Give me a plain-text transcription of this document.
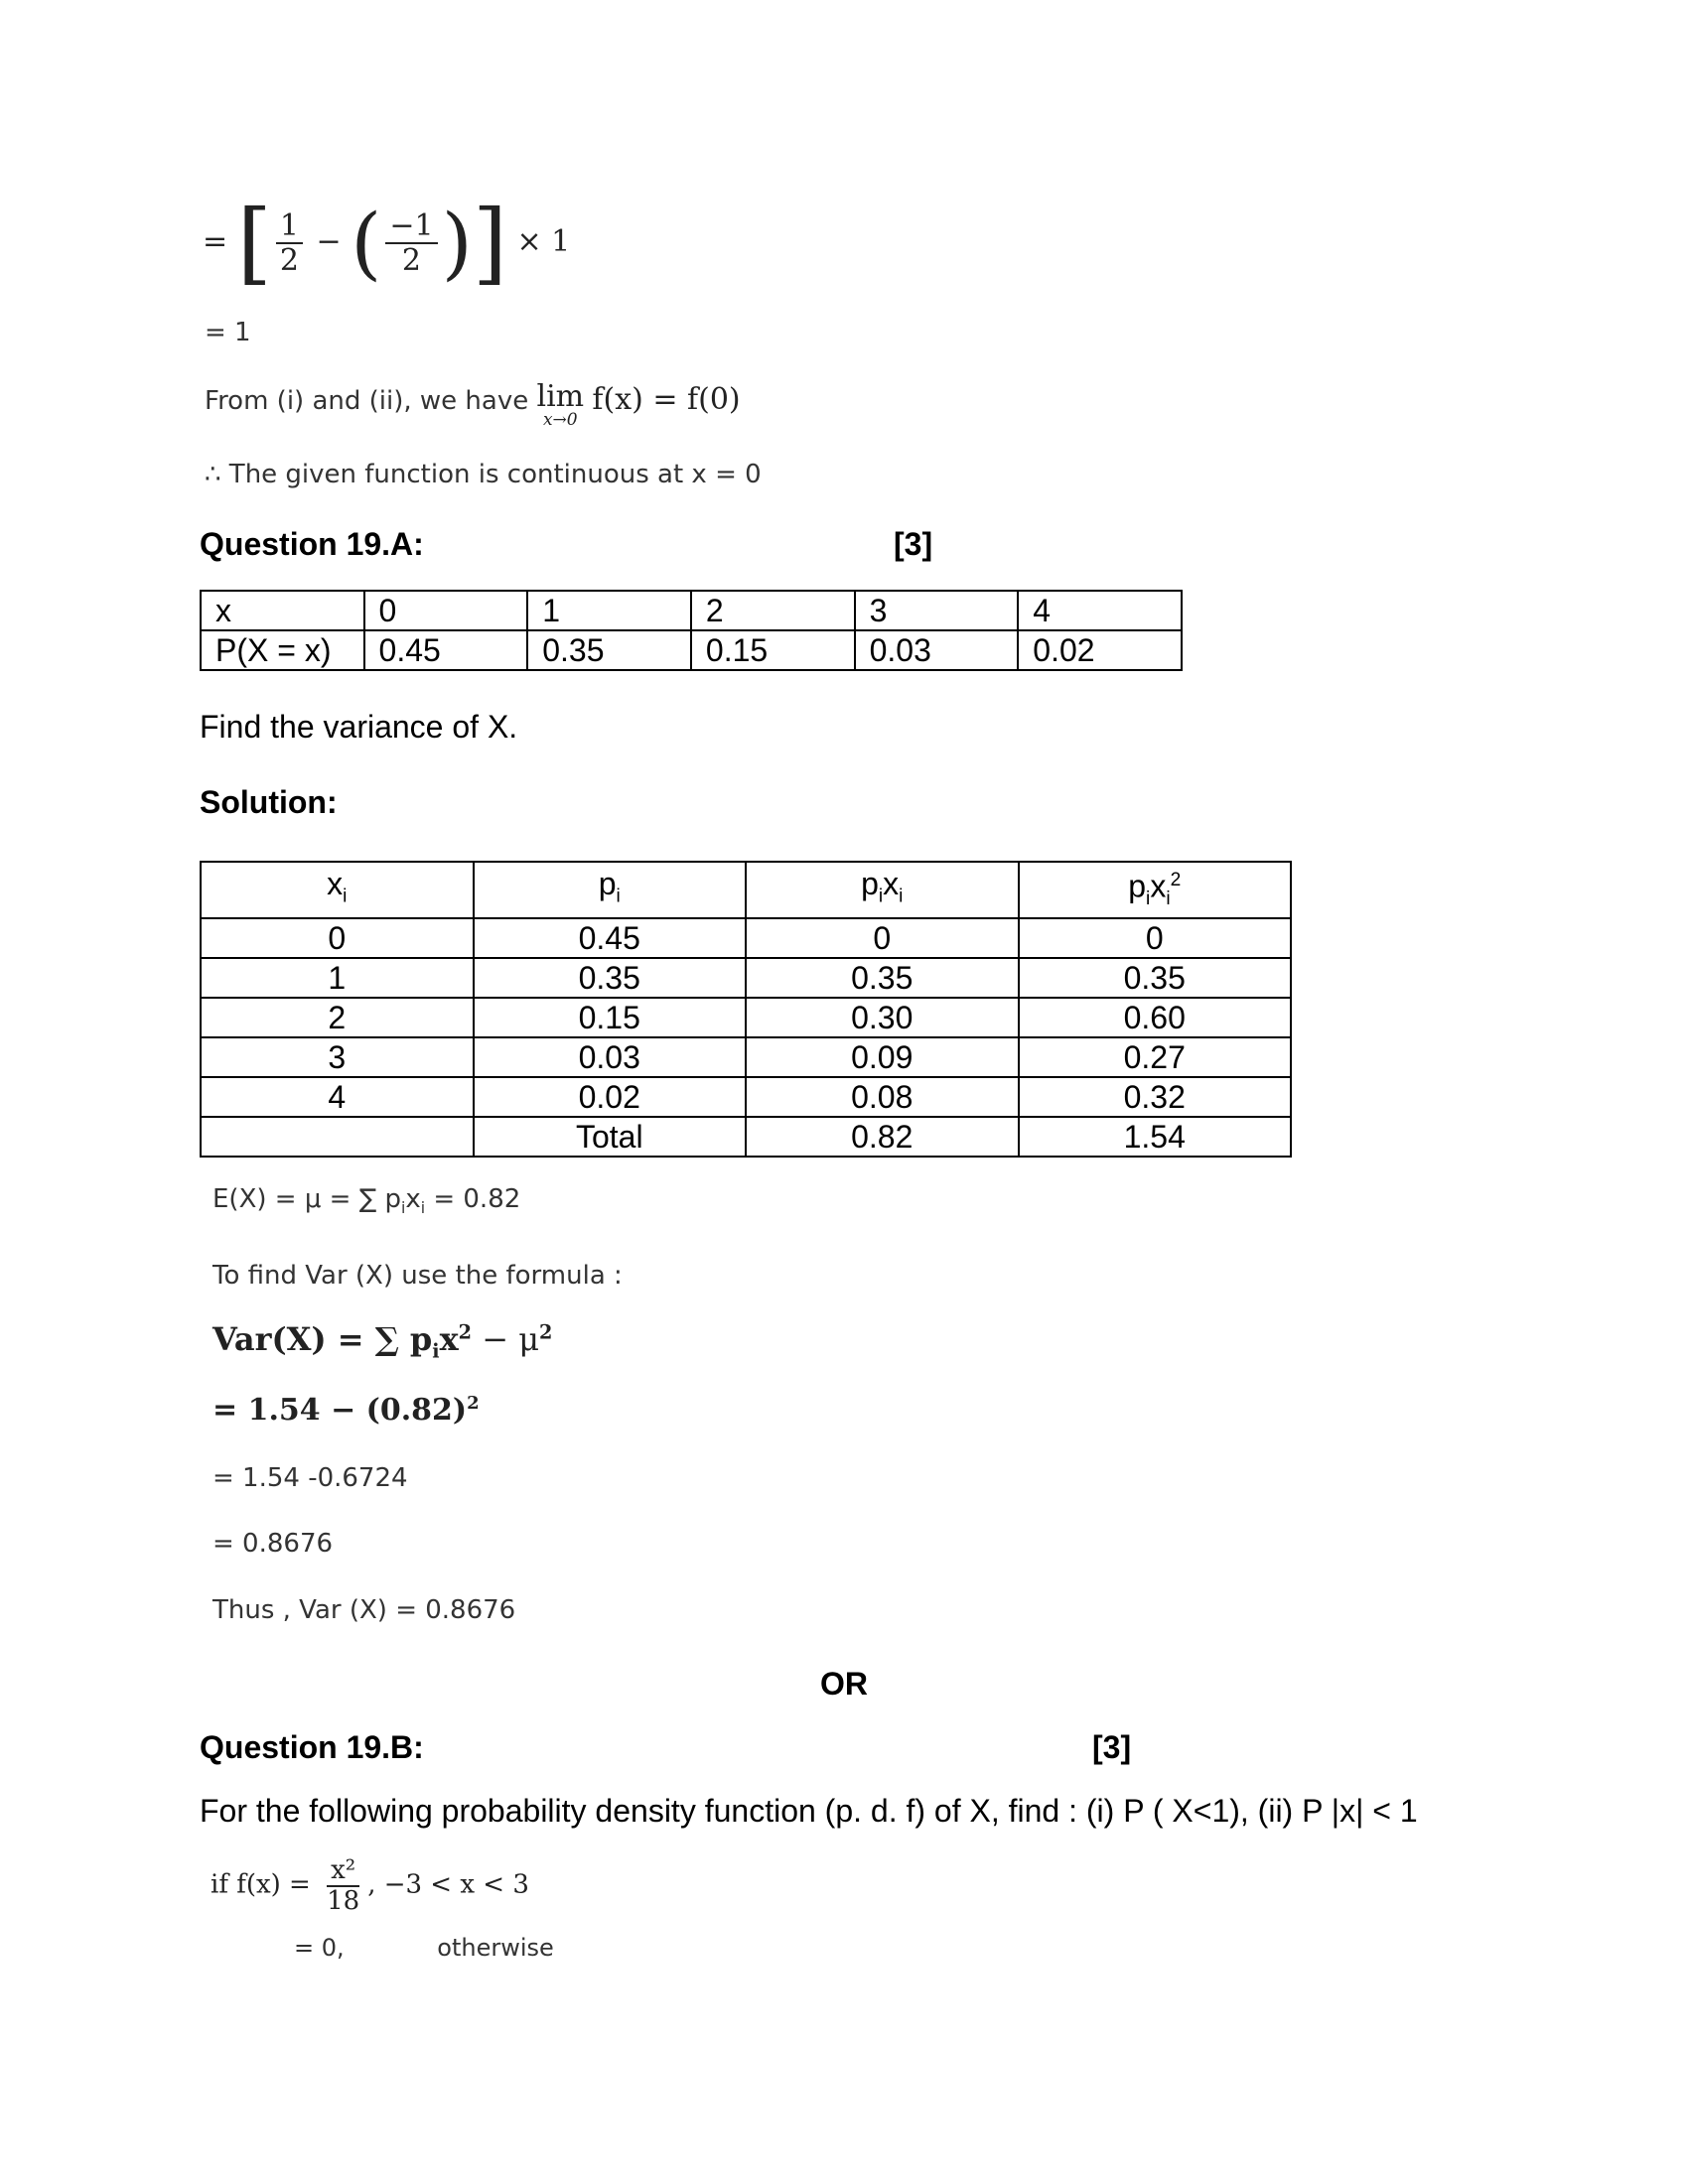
= [ $\frac{1}{2}$ − ( $\frac{-1}{2}$ )] × 1
= 1
From (i) and (ii), we have lim
x→0
f(x) = f(0)
∴ The given function is continuous at x = 0
Question 19.A:	[3]
x	0	1	2	3	4
P(X = x)	0.45	0.35	0.15	0.03	0.02
Find the variance of X.
Solution:
$x_i$	$p_i$	$p_ix_i$	$p_ix_i^2$
0	0.45	0	0
1	0.35	0.35	0.35
2	0.15	0.30	0.60
3	0.03	0.09	0.27
4	0.02	0.08	0.32
	Total	0.82	1.54
E(X) = μ = ∑ $p_ix_i = 0.82$
To find Var (X) use the formula :
Var(X) = ∑ $p_ix^2 - \mu^2$
= $1.54 - (0.82)^2$
= 1.54 -0.6724
= 0.8676
Thus , Var (X) = 0.8676
OR
Question 19.B:	[3]
For the following probability density function (p. d. f) of X, find : (i) P ( X<1), (ii) P |x| < 1
if $f(x) = \frac{\text{x²}}{18}$ , −3 < x < 3
= 0,	otherwise
